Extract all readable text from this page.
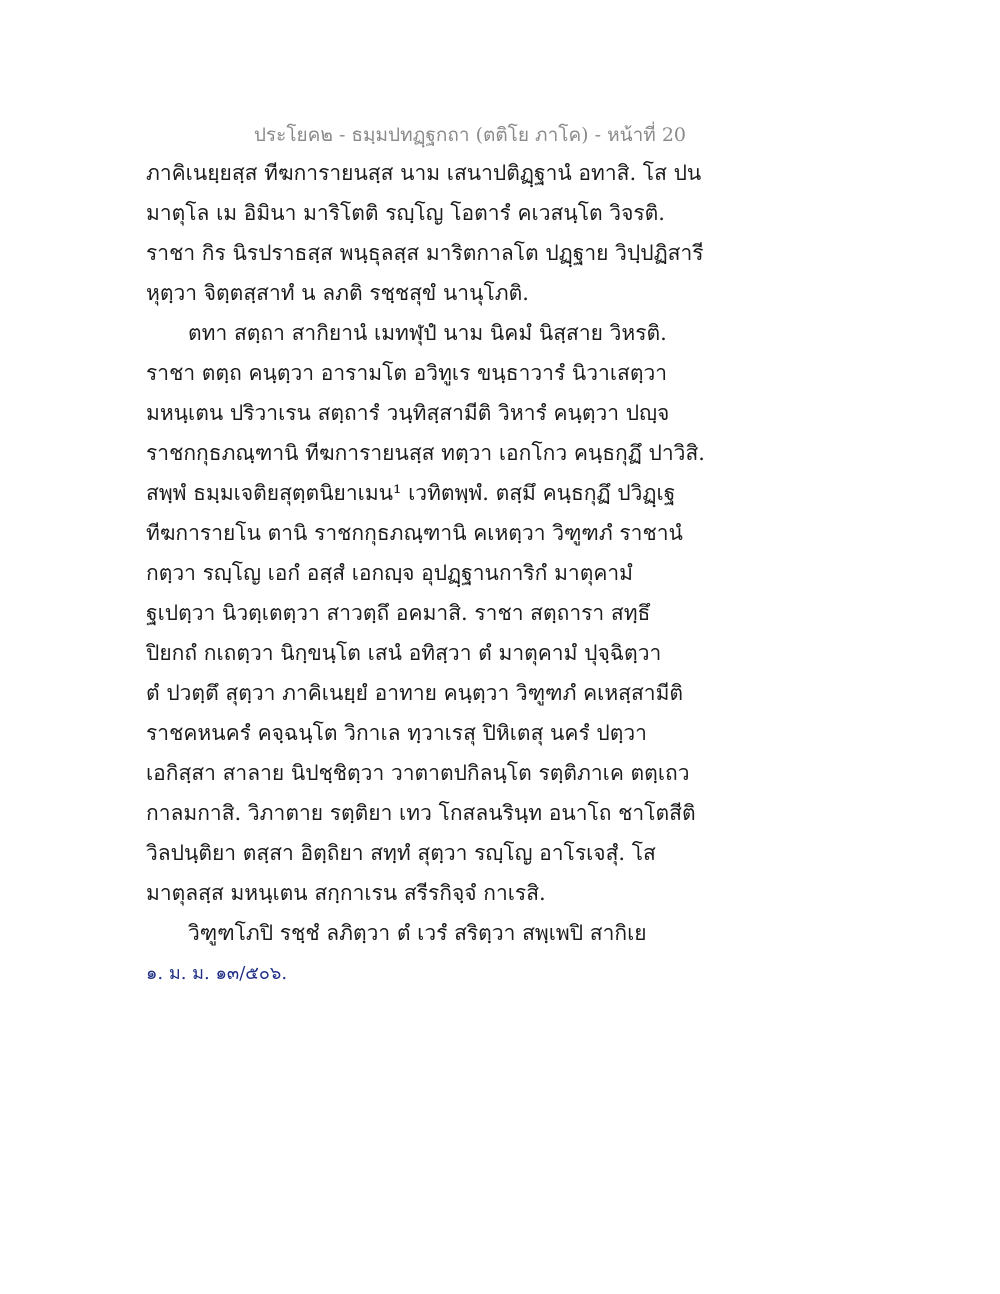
ประโยค๒ - ธมฺมปทฏฺฐกถา (ตติโย ภาโค) - หน้าที่ 20
ภาคิเนยฺยสฺส ทีฆการายนสฺส นาม เสนาปติฏฺฐานํ อทาสิ. โส ปน
มาตุโล เม อิมินา มาริโตติ รญฺโญ โอตารํ คเวสนฺโต วิจรติ.
ราชา กิร นิรปราธสฺส พนฺธุลสฺส มาริตกาลโต ปฏฺฐาย วิปฺปฏิสารี
หุตฺวา จิตฺตสฺสาทํ น ลภติ รชฺชสุขํ นานุโภติ.
ตทา สตฺถา สากิยานํ เมทฬุปํ นาม นิคมํ นิสฺสาย วิหรติ.
ราชา ตตฺถ คนฺตฺวา อารามโต อวิทูเร ขนฺธาวารํ นิวาเสตฺวา
มหนฺเตน ปริวาเรน สตฺถารํ วนฺทิสฺสามีติ วิหารํ คนฺตฺวา ปญฺจ
ราชกกุธภณฺฑานิ ทีฆการายนสฺส ทตฺวา เอกโกว คนฺธกุฏึ ปาวิสิ.
สพฺพํ ธมฺมเจติยสุตฺตนิยาเมน¹ เวทิตพฺพํ. ตสฺมึ คนฺธกุฏึ ปวิฏฺเฐ
ทีฆการายโน ตานิ ราชกกุธภณฺฑานิ คเหตฺวา วิฑูฑภํ ราชานํ
กตฺวา รญฺโญ เอกํ อสฺสํ เอกญฺจ อุปฏฺฐานการิกํ มาตุคามํ
ฐเปตฺวา นิวตฺเตตฺวา สาวตฺถึ อคมาสิ. ราชา สตฺถารา สทฺธึ
ปิยกถํ กเถตฺวา นิกฺขนฺโต เสนํ อทิสฺวา ตํ มาตุคามํ ปุจฺฉิตฺวา
ตํ ปวตฺตึ สุตฺวา ภาคิเนยฺยํ อาทาย คนฺตฺวา วิฑูฑภํ คเหสฺสามีติ
ราชคหนครํ คจฺฉนฺโต วิกาเล ทฺวาเรสุ ปิหิเตสุ นครํ ปตฺวา
เอกิสฺสา สาลาย นิปชฺชิตฺวา วาตาตปกิลนฺโต รตฺติภาเค ตตฺเถว
กาลมกาสิ. วิภาตาย รตฺติยา เทว โกสลนรินฺท อนาโถ ชาโตสีติ
วิลปนฺติยา ตสฺสา อิตฺถิยา สทฺทํ สุตฺวา รญฺโญ อาโรเจสุํ. โส
มาตุลสฺส มหนฺเตน สกฺกาเรน สรีรกิจฺจํ กาเรสิ.
วิฑูฑโภปิ รชฺชํ ลภิตฺวา ตํ เวรํ สริตฺวา สพฺเพปิ สากิเย
๑. ม. ม. ๑๓/๕๐๖.
